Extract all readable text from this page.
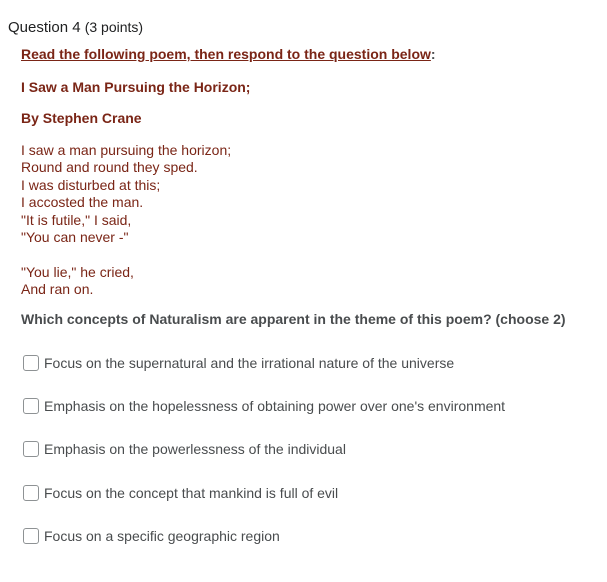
Question 4 (3 points)
Read the following poem, then respond to the question below:
I Saw a Man Pursuing the Horizon;
By Stephen Crane
I saw a man pursuing the horizon;
Round and round they sped.
I was disturbed at this;
I accosted the man.
"It is futile," I said,
"You can never -"
"You lie," he cried,
And ran on.
Which concepts of Naturalism are apparent in the theme of this poem? (choose 2)
Focus on the supernatural and the irrational nature of the universe
Emphasis on the hopelessness of obtaining power over one's environment
Emphasis on the powerlessness of the individual
Focus on the concept that mankind is full of evil
Focus on a specific geographic region
